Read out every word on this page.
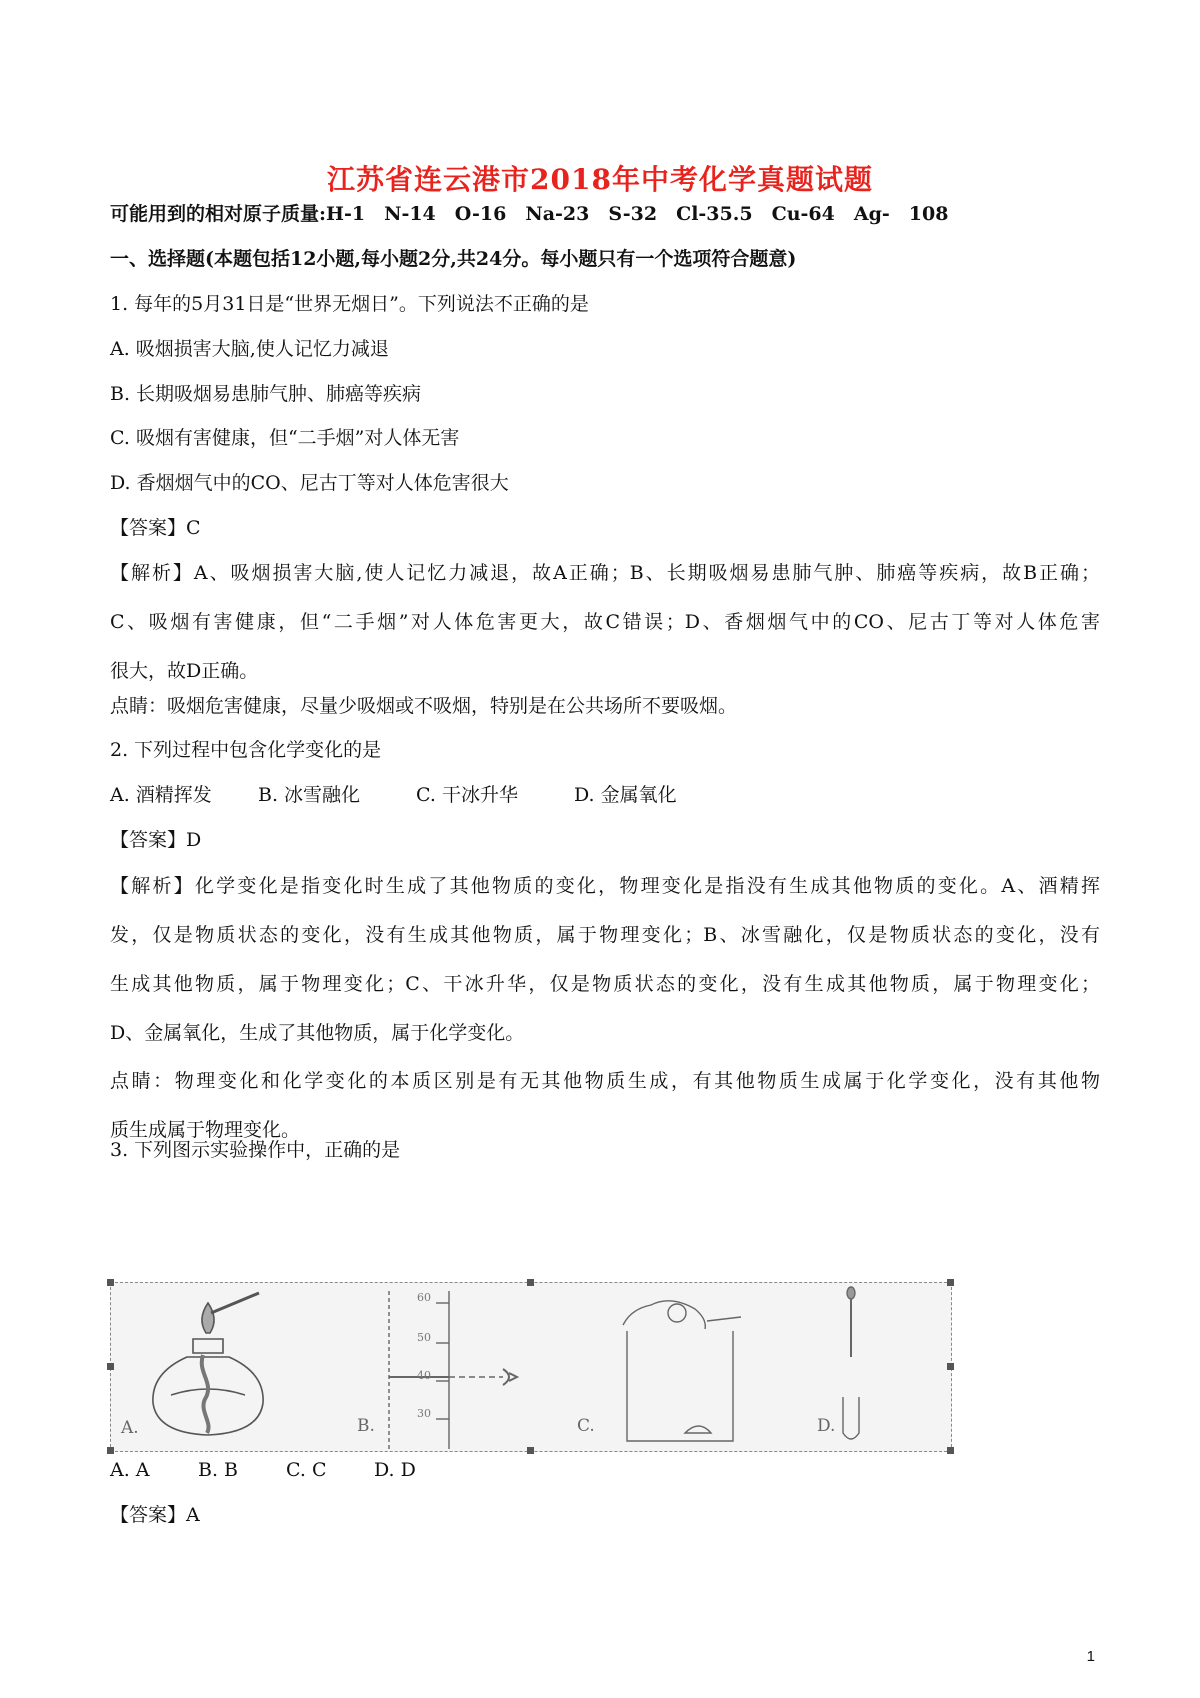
江苏省连云港市2018年中考化学真题试题
可能用到的相对原子质量:H-1　N-14　O-16　Na-23　S-32　Cl-35.5　Cu-64　Ag-　108
一、选择题(本题包括12小题,每小题2分,共24分。每小题只有一个选项符合题意)
1. 每年的5月31日是“世界无烟日”。下列说法不正确的是
A. 吸烟损害大脑,使人记忆力减退
B. 长期吸烟易患肺气肿、肺癌等疾病
C. 吸烟有害健康，但“二手烟”对人体无害
D. 香烟烟气中的CO、尼古丁等对人体危害很大
【答案】C
【解析】A、吸烟损害大脑,使人记忆力减退，故A正确；B、长期吸烟易患肺气肿、肺癌等疾病，故B正确；
C、吸烟有害健康，但“二手烟”对人体危害更大，故C错误；D、香烟烟气中的CO、尼古丁等对人体危害
很大，故D正确。
点睛：吸烟危害健康，尽量少吸烟或不吸烟，特别是在公共场所不要吸烟。
2. 下列过程中包含化学变化的是
A. 酒精挥发 B. 冰雪融化	C. 干冰升华	D. 金属氧化
【答案】D
【解析】化学变化是指变化时生成了其他物质的变化，物理变化是指没有生成其他物质的变化。A、酒精挥
发，仅是物质状态的变化，没有生成其他物质，属于物理变化；B、冰雪融化，仅是物质状态的变化，没有
生成其他物质，属于物理变化；C、干冰升华，仅是物质状态的变化，没有生成其他物质，属于物理变化；
D、金属氧化，生成了其他物质，属于化学变化。
点睛：物理变化和化学变化的本质区别是有无其他物质生成，有其他物质生成属于化学变化，没有其他物
质生成属于物理变化。
3. 下列图示实验操作中，正确的是
A.
60
50
40
30
B.	C.	D.
A. A	B. B	C. C	D. D
【答案】A
1
